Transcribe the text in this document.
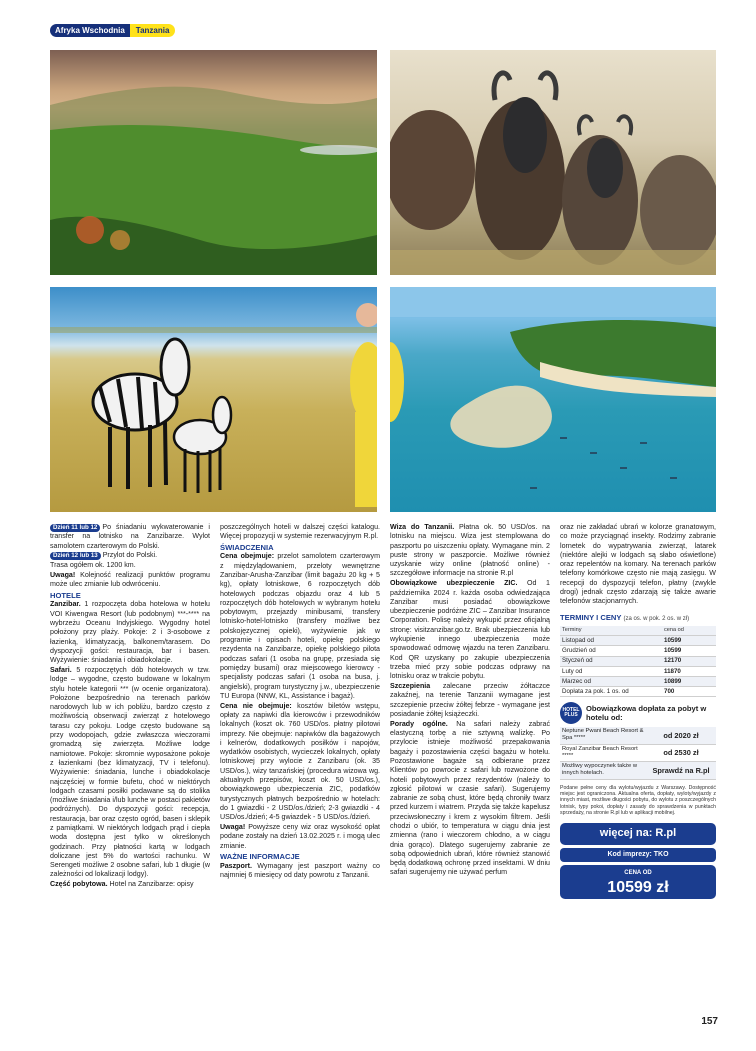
Afryka Wschodnia	Tanzania

Dzień 11 lub 12 Po śniadaniu wykwaterowanie i transfer na lotnisko na Zanzibarze. Wylot samolotem czarterowym do Polski.

Dzień 12 lub 13 Przylot do Polski.

Trasa ogółem ok. 1200 km.

Uwaga! Kolejność realizacji punktów programu może ulec zmianie lub odwróceniu.

HOTELE

Zanzibar. 1 rozpoczęta doba hotelowa w hotelu VOI Kiwengwa Resort (lub podobnym) ***-**** na wybrzeżu Oceanu Indyjskiego. Wygodny hotel położony przy plaży. Pokoje: 2 i 3-osobowe z łazienką, klimatyzacją, balkonem/tarasem. Do dyspozycji gości: restauracja, bar i basen. Wyżywienie: śniadania i obiadokolacje.

Safari. 5 rozpoczętych dób hotelowych w tzw. lodge – wygodne, często budowane w lokalnym stylu hotele kategorii *** (w ocenie organizatora). Położone bezpośrednio na terenach parków narodowych lub w ich pobliżu, bardzo często z możliwością obserwacji zwierząt z hotelowego tarasu czy pokoju. Lodge często budowane są przy wodopojach, gdzie zwłaszcza wieczorami gromadzą się zwierzęta. Możliwe lodge namiotowe. Pokoje: skromnie wyposażone pokoje z łazienkami (bez klimatyzacji, TV i telefonu). Wyżywienie: śniadania, lunche i obiadokolacje najczęściej w formie bufetu, choć w niektórych lodgach czasami posiłki podawane są do stolika (możliwe śniadania i/lub lunche w postaci pakietów podróżnych). Do dyspozycji gości: recepcja, restauracja, bar oraz często ogród, basen i sklepik z pamiątkami. W niektórych lodgach prąd i ciepła woda dostępna jest tylko w określonych godzinach. Przy płatności kartą w lodgach doliczane jest 5% do wartości rachunku. W Serengeti możliwe 2 osobne safari, lub 1 długie (w zależności od lokalizacji lodgy).

Część pobytowa. Hotel na Zanzibarze: opisy

poszczególnych hoteli w dalszej części katalogu. Więcej propozycji w systemie rezerwacyjnym R.pl.

ŚWIADCZENIA

Cena obejmuje: przelot samolotem czarterowym z międzylądowaniem, przeloty wewnętrzne Zanzibar-Arusha-Zanzibar (limit bagażu 20 kg + 5 kg), opłaty lotniskowe, 6 rozpoczętych dób hotelowych podczas objazdu oraz 4 lub 5 rozpoczętych dób hotelowych w wybranym hotelu pobytowym, przejazdy minibusami, transfery lotnisko-hotel-lotnisko (transfery możliwe bez polskojęzycznej opieki), wyżywienie jak w programie i opisach hoteli, opiekę polskiego rezydenta na Zanzibarze, opiekę polskiego pilota podczas safari (1 osoba na grupę, przesiada się pomiędzy busami) oraz miejscowego kierowcy - specjalisty podczas safari (1 osoba na busa, j. angielski), program turystyczny j.w., ubezpieczenie TU Europa (NNW, KL, Assistance i bagaż).

Cena nie obejmuje: kosztów biletów wstępu, opłaty za napiwki dla kierowców i przewodników lokalnych (koszt ok. 760 USD/os. płatny pilotowi imprezy. Nie obejmuje: napiwków dla bagażowych i kelnerów, dodatkowych posiłków i napojów, wydatków osobistych, wycieczek lokalnych, opłaty lotniskowej przy wylocie z Zanzibaru (ok. 35 USD/os.), wizy tanzańskiej (procedura wizowa wg. aktualnych przepisów, koszt ok. 50 USD/os.), obowiązkowego ubezpieczenia ZIC, podatków turystycznych płatnych bezpośrednio w hotelach: do 1 gwiazdki - 2 USD/os./dzień; 2-3 gwiazdki - 4 USD/os./dzień; 4-5 gwiazdek - 5 USD/os./dzień.

Uwaga! Powyższe ceny wiz oraz wysokość opłat podane zostały na dzień 13.02.2025 r. i mogą ulec zmianie.

WAŻNE INFORMACJE

Paszport. Wymagany jest paszport ważny co najmniej 6 miesięcy od daty powrotu z Tanzanii.

Wiza do Tanzanii. Płatna ok. 50 USD/os. na lotnisku na miejscu. Wiza jest stemplowana do paszportu po uiszczeniu opłaty. Wymagane min. 2 puste strony w paszporcie. Możliwe również uzyskanie wizy online (płatność online) - szczegółowe informacje na stronie R.pl

Obowiązkowe ubezpieczenie ZIC. Od 1 października 2024 r. każda osoba odwiedzająca Zanzibar musi posiadać obowiązkowe ubezpieczenie podróżne ZIC – Zanzibar Insurance Corporation. Polisę należy wykupić przez oficjalną stronę: visitzanzibar.go.tz. Brak ubezpieczenia lub wykupienie innego ubezpieczenia może spowodować odmowę wjazdu na teren Zanzibaru. Kod QR uzyskany po zakupie ubezpieczenia trzeba mieć przy sobie podczas odprawy na lotnisku oraz w trakcie pobytu.

Szczepienia zalecane przeciw żółtaczce zakaźnej, na terenie Tanzanii wymagane jest szczepienie przeciw żółtej febrze - wymagane jest posiadanie żółtej książeczki.

Porady ogólne. Na safari należy zabrać elastyczną torbę a nie sztywną walizkę. Po przylocie istnieje możliwość przepakowania bagaży i pozostawienia części bagażu w hotelu. Pozostawione bagaże są odbierane przez Klientów po powrocie z safari lub rozwożone do hoteli pobytowych przez rezydentów (należy to zgłosić pilotowi w czasie safari). Sugerujemy zabranie ze sobą chust, które będą chroniły twarz przed kurzem i wiatrem. Przyda się także kapelusz przeciwsłoneczny i krem z wysokim filtrem. Jeśli chodzi o ubiór, to temperatura w ciągu dnia jest zmienna (rano i wieczorem chłodno, a w ciągu dnia gorąco). Dlatego sugerujemy zabranie ze sobą odpowiednich ubrań, które również stanowić będą dodatkową ochronę przed insektami. W dniu safari sugerujemy nie używać perfum

oraz nie zakładać ubrań w kolorze granatowym, co może przyciągnąć insekty. Rodzimy zabranie lornetek do wypatrywania zwierząt, latarek (niektóre alejki w lodgach są słabo oświetlone) oraz repelentów na komary. Na terenach parków telefony komórkowe często nie mają zasięgu. W recepcji do dyspozycji telefon, płatny (zwykle drogi) jednak często zdarzają się także awarie telefonów stacjonarnych.

TERMINY I CENY (za os. w pok. 2 os. w zł)
Terminy	cena od
Listopad od	10599
Grudzień od	10599
Styczeń od	12170
Luty od	11870
Marzec od	10899
Dopłata za pok. 1 os. od	700
HOTEL PLUS
Obowiązkowa dopłata za pobyt w hotelu od:
Neptune Pwani Beach Resort & Spa *****	od 2020 zł
Royal Zanzibar Beach Resort *****	od 2530 zł
Możliwy wypoczynek także w innych hotelach.	Sprawdź na R.pl

Podane pełne ceny dla wylotu/wyjazdu z Warszawy. Dostępność miejsc jest ograniczona. Aktualna oferta, dopłaty, wyloty/wyjazdy z innych miast, możliwe długości pobytu, do wylotu z poszczególnych lotnisk, typy pokoi, dopłaty i zasady do sprawdzenia w punktach sprzedaży, na stronie R.pl lub w aplikacji mobilnej.

więcej na: R.pl
Kod imprezy: TKO
CENA OD
10599 zł
157
